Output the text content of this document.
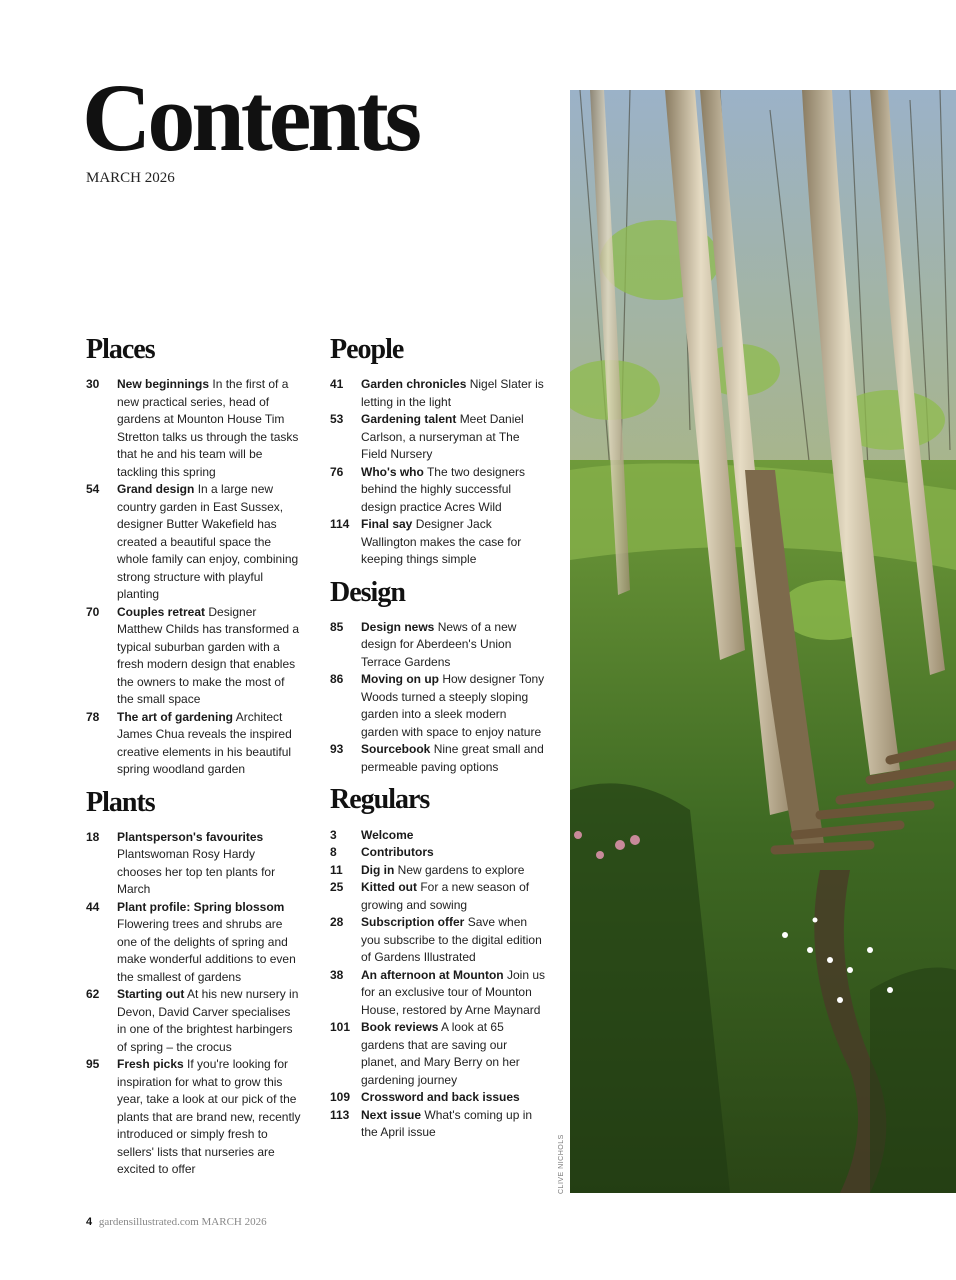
Contents
MARCH 2026
Places
30	New beginnings In the first of a new practical series, head of gardens at Mounton House Tim Stretton talks us through the tasks that he and his team will be tackling this spring
54	Grand design In a large new country garden in East Sussex, designer Butter Wakefield has created a beautiful space the whole family can enjoy, combining strong structure with playful planting
70	Couples retreat Designer Matthew Childs has transformed a typical suburban garden with a fresh modern design that enables the owners to make the most of the small space
78	The art of gardening Architect James Chua reveals the inspired creative elements in his beautiful spring woodland garden
Plants
18	Plantsperson's favourites Plantswoman Rosy Hardy chooses her top ten plants for March
44	Plant profile: Spring blossom Flowering trees and shrubs are one of the delights of spring and make wonderful additions to even the smallest of gardens
62	Starting out At his new nursery in Devon, David Carver specialises in one of the brightest harbingers of spring – the crocus
95	Fresh picks If you're looking for inspiration for what to grow this year, take a look at our pick of the plants that are brand new, recently introduced or simply fresh to sellers' lists that nurseries are excited to offer
People
41	Garden chronicles Nigel Slater is letting in the light
53	Gardening talent Meet Daniel Carlson, a nurseryman at The Field Nursery
76	Who's who The two designers behind the highly successful design practice Acres Wild
114 Final say Designer Jack Wallington makes the case for keeping things simple
Design
85	Design news News of a new design for Aberdeen's Union Terrace Gardens
86	Moving on up How designer Tony Woods turned a steeply sloping garden into a sleek modern garden with space to enjoy nature
93	Sourcebook Nine great small and permeable paving options
Regulars
3	Welcome
8	Contributors
11	Dig in New gardens to explore
25	Kitted out For a new season of growing and sowing
28	Subscription offer Save when you subscribe to the digital edition of Gardens Illustrated
38	An afternoon at Mounton Join us for an exclusive tour of Mounton House, restored by Arne Maynard
101 Book reviews A look at 65 gardens that are saving our planet, and Mary Berry on her gardening journey
109 Crossword and back issues
113 Next issue What's coming up in the April issue
CLIVE NICHOLS
4 gardensillustrated.com MARCH 2026
